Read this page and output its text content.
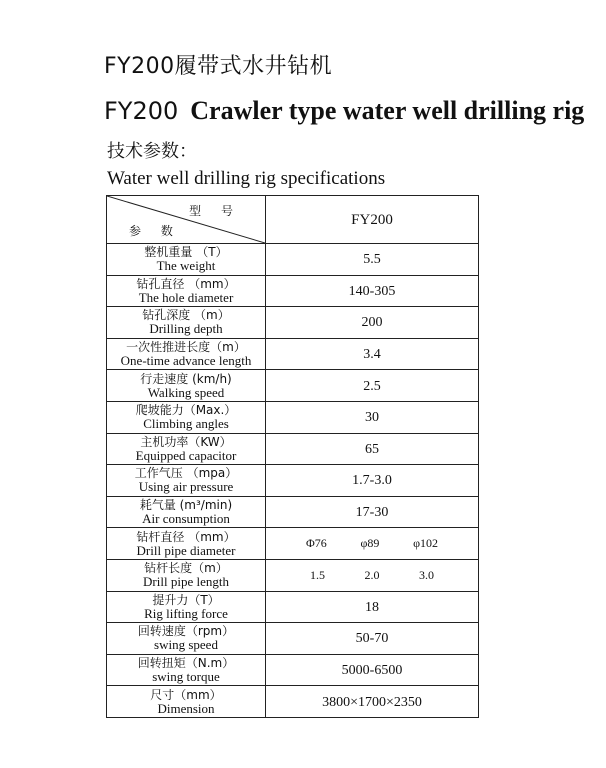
FY200履带式水井钻机
FY200 Crawler type water well drilling rig
技术参数：
Water well drilling rig specifications
型 号
参 数	FY200

整机重量 （T）
The weight	5.5

钻孔直径 （mm）
The hole diameter	140-305

钻孔深度 （m）
Drilling depth	200

一次性推进长度（m）
One-time advance length	3.4

行走速度 (km/h)
Walking speed	2.5

爬坡能力（Max.）
Climbing angles	30

主机功率（KW）
Equipped capacitor	65

工作气压 （mpa）
Using air pressure	1.7-3.0

耗气量 (m³/min)
Air consumption	17-30

钻杆直径 （mm）
Drill pipe diameter	Φ76 φ89 φ102

钻杆长度（m）
Drill pipe length	1.5 2.0 3.0

提升力（T）
Rig lifting force	18

回转速度（rpm）
swing speed	50-70

回转扭矩（N.m）
swing torque	5000-6500

尺寸（mm）
Dimension	3800×1700×2350
